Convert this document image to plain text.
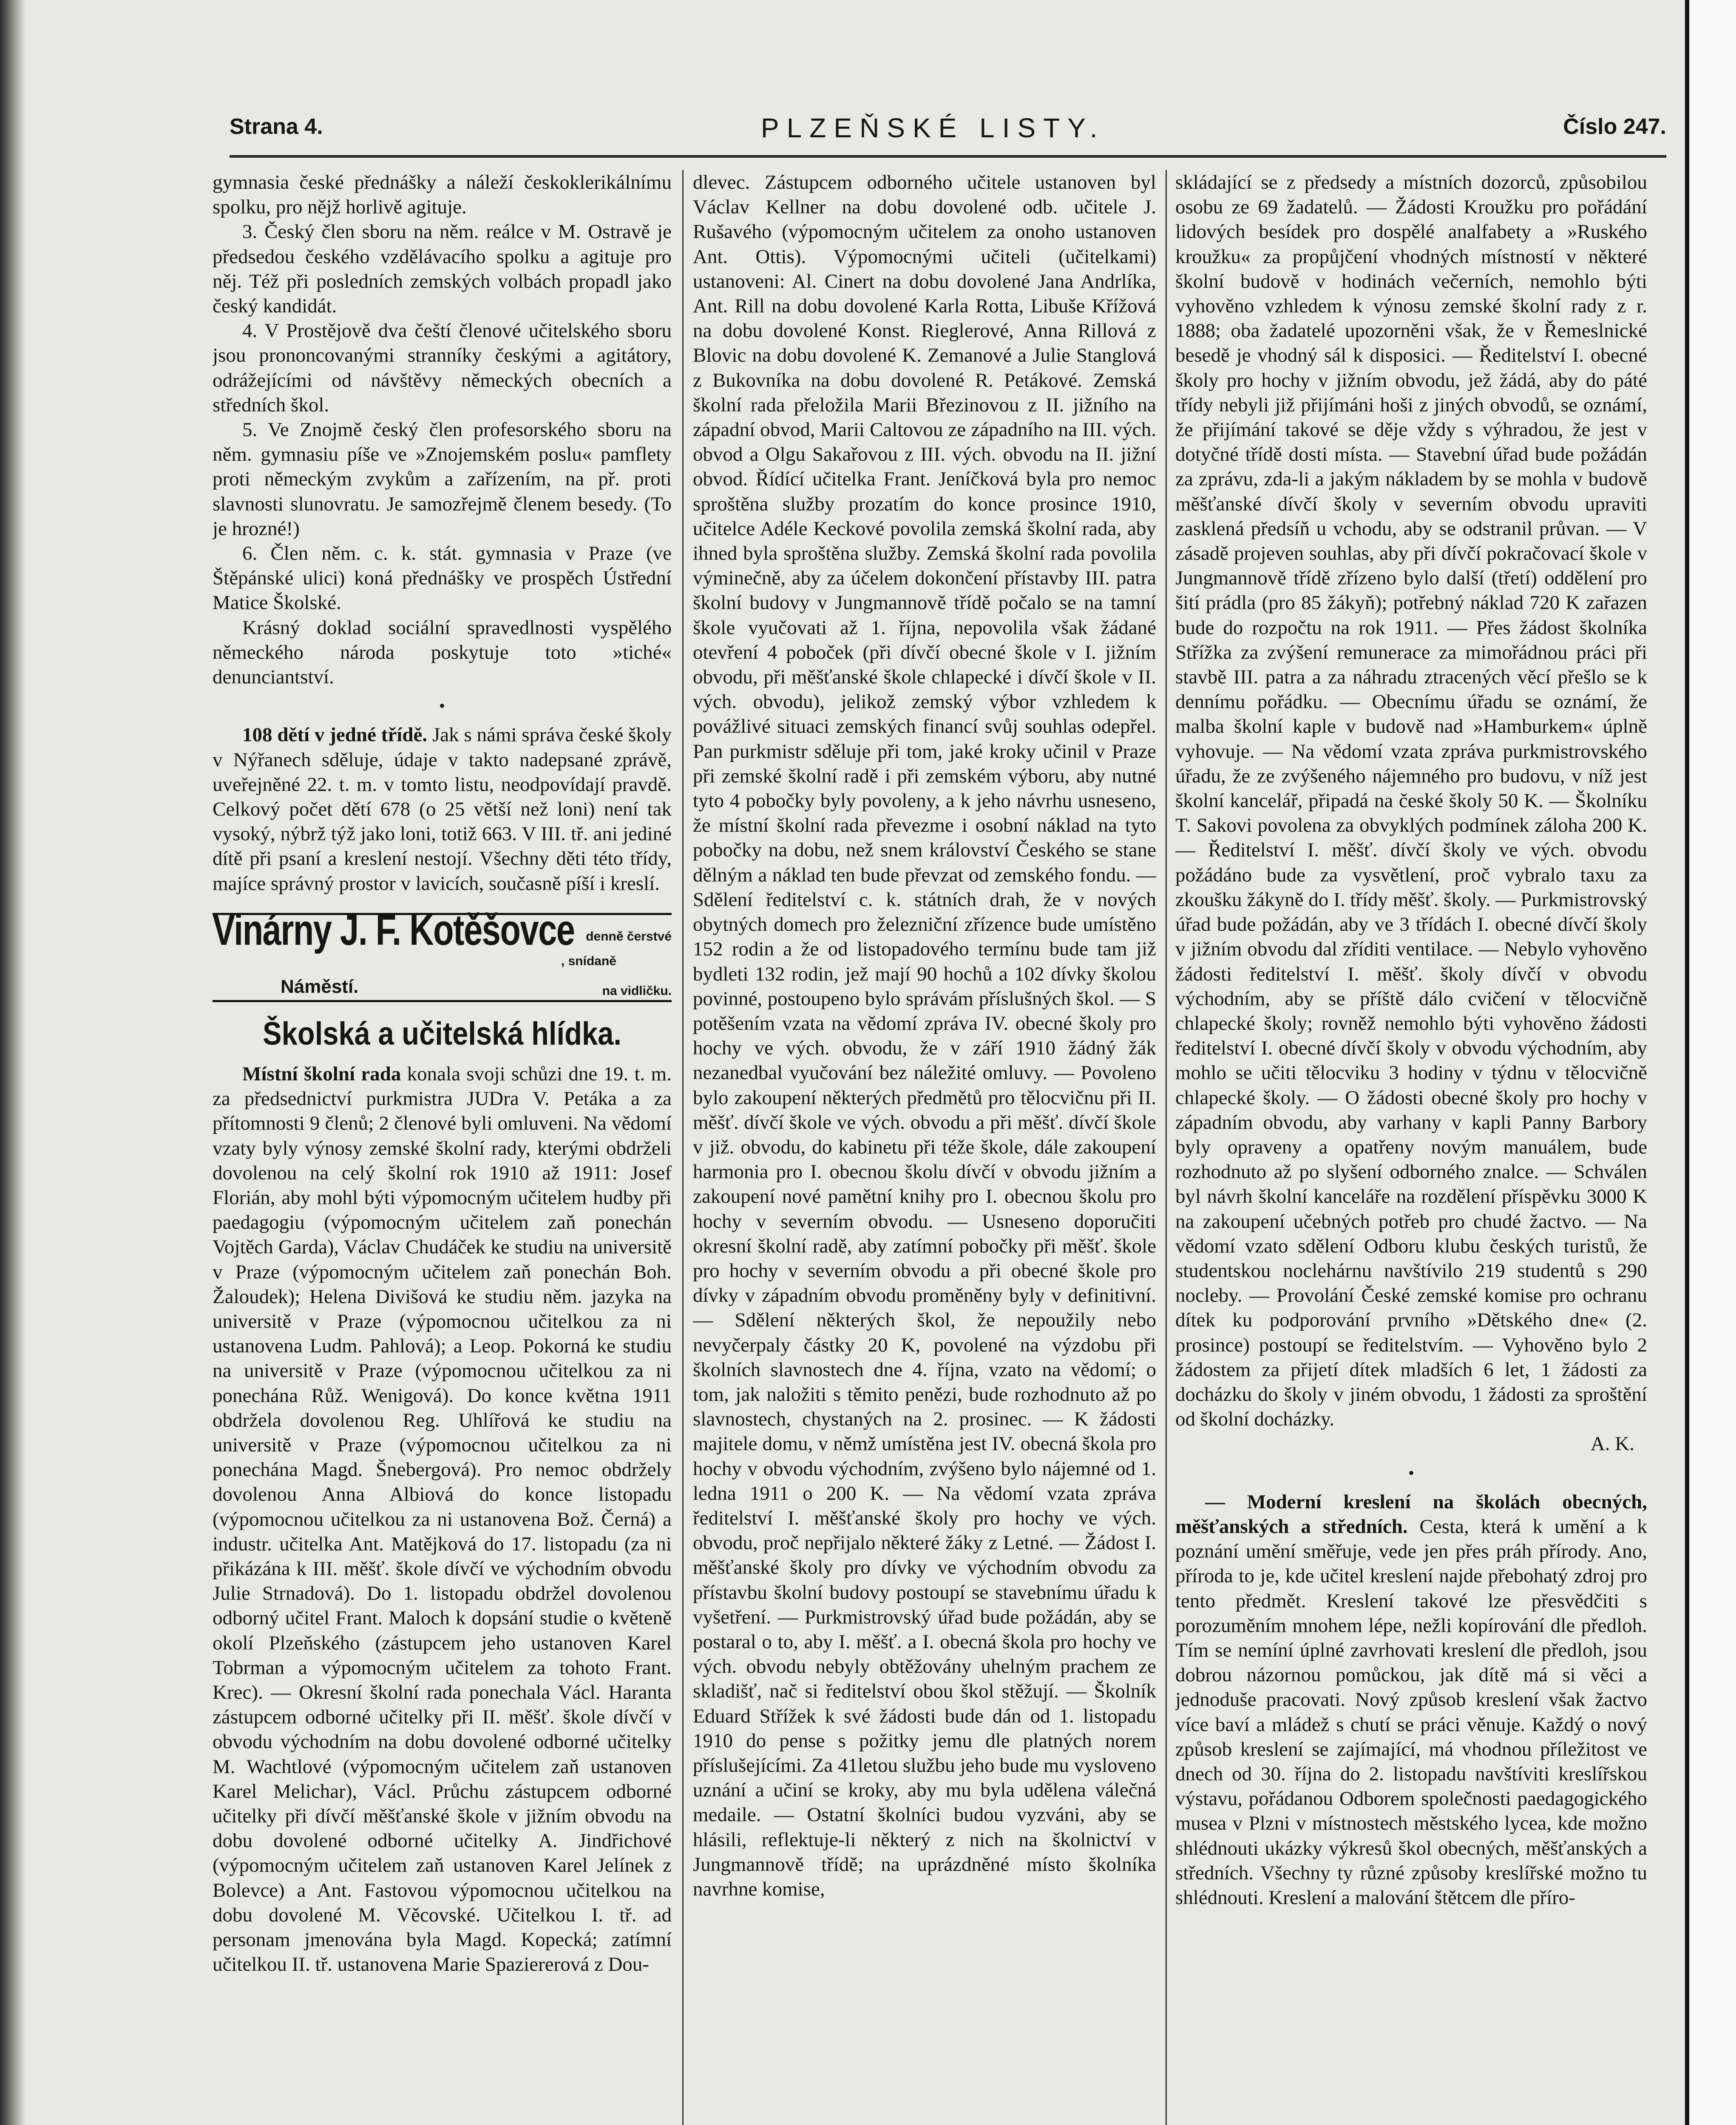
Strana 4.	PLZEŇSKÉ LISTY.	Číslo 247.

gymnasia české přednášky a náleží českoklerikálnímu spolku, pro nějž horlivě agituje.

3. Český člen sboru na něm. reálce v M. Ostravě je předsedou českého vzdělávacího spolku a agituje pro něj. Též při posledních zemských volbách propadl jako český kandidát.

4. V Prostějově dva čeští členové učitelského sboru jsou prononcovanými stranníky českými a agitátory, odrážejícími od návštěvy německých obecních a středních škol.

5. Ve Znojmě český člen profesorského sboru na něm. gymnasiu píše ve »Znojemském poslu« pamflety proti německým zvykům a zařízením, na př. proti slavnosti slunovratu. Je samozřejmě členem besedy. (To je hrozné!)

6. Člen něm. c. k. stát. gymnasia v Praze (ve Štěpánské ulici) koná přednášky ve prospěch Ústřední Matice Školské.

Krásný doklad sociální spravedlnosti vyspělého německého národa poskytuje toto »tiché« denunciantství.

•

108 dětí v jedné třídě. Jak s námi správa české školy v Nýřanech sděluje, údaje v takto nadepsané zprávě, uveřejněné 22. t. m. v tomto listu, neodpovídají pravdě. Celkový počet dětí 678 (o 25 větší než loni) není tak vysoký, nýbrž týž jako loni, totiž 663. V III. tř. ani jediné dítě při psaní a kreslení nestojí. Všechny děti této třídy, majíce správný prostor v lavicích, současně píší i kreslí.

Vinárny J. F. Kotěšovce denně čerstvé
, snídaně
Náměstí.	na vidličku.
Školská a učitelská hlídka.

Místní školní rada konala svoji schůzi dne 19. t. m. za předsednictví purkmistra JUDra V. Petáka a za přítomnosti 9 členů; 2 členové byli omluveni. Na vědomí vzaty byly výnosy zemské školní rady, kterými obdrželi dovolenou na celý školní rok 1910 až 1911: Josef Florián, aby mohl býti výpomocným učitelem hudby při paedagogiu (výpomocným učitelem zaň ponechán Vojtěch Garda), Václav Chudáček ke studiu na universitě v Praze (výpomocným učitelem zaň ponechán Boh. Žaloudek); Helena Divišová ke studiu něm. jazyka na universitě v Praze (výpomocnou učitelkou za ni ustanovena Ludm. Pahlová); a Leop. Pokorná ke studiu na universitě v Praze (výpomocnou učitelkou za ni ponechána Růž. Wenigová). Do konce května 1911 obdržela dovolenou Reg. Uhlířová ke studiu na universitě v Praze (výpomocnou učitelkou za ni ponechána Magd. Šnebergová). Pro nemoc obdržely dovolenou Anna Albiová do konce listopadu (výpomocnou učitelkou za ni ustanovena Bož. Černá) a industr. učitelka Ant. Matějková do 17. listopadu (za ni přikázána k III. měšť. škole dívčí ve východním obvodu Julie Strnadová). Do 1. listopadu obdržel dovolenou odborný učitel Frant. Maloch k dopsání studie o květeně okolí Plzeňského (zástupcem jeho ustanoven Karel Tobrman a výpomocným učitelem za tohoto Frant. Krec). — Okresní školní rada ponechala Václ. Haranta zástupcem odborné učitelky při II. měšť. škole dívčí v obvodu východním na dobu dovolené odborné učitelky M. Wachtlové (výpomocným učitelem zaň ustanoven Karel Melichar), Václ. Průchu zástupcem odborné učitelky při dívčí měšťanské škole v jižním obvodu na dobu dovolené odborné učitelky A. Jindřichové (výpomocným učitelem zaň ustanoven Karel Jelínek z Bolevce) a Ant. Fastovou výpomocnou učitelkou na dobu dovolené M. Věcovské. Učitelkou I. tř. ad personam jmenována byla Magd. Kopecká; zatímní učitelkou II. tř. ustanovena Marie Spaziererová z Dou-

dlevec. Zástupcem odborného učitele ustanoven byl Václav Kellner na dobu dovolené odb. učitele J. Rušavého (výpomocným učitelem za onoho ustanoven Ant. Ottis). Výpomocnými učiteli (učitelkami) ustanoveni: Al. Cinert na dobu dovolené Jana Andrlíka, Ant. Rill na dobu dovolené Karla Rotta, Libuše Křížová na dobu dovolené Konst. Rieglerové, Anna Rillová z Blovic na dobu dovolené K. Zemanové a Julie Stanglová z Bukovníka na dobu dovolené R. Petákové. Zemská školní rada přeložila Marii Březinovou z II. jižního na západní obvod, Marii Caltovou ze západního na III. vých. obvod a Olgu Sakařovou z III. vých. obvodu na II. jižní obvod. Řídící učitelka Frant. Jeníčková byla pro nemoc sproštěna služby prozatím do konce prosince 1910, učitelce Adéle Keckové povolila zemská školní rada, aby ihned byla sproštěna služby. Zemská školní rada povolila výminečně, aby za účelem dokončení přístavby III. patra školní budovy v Jungmannově třídě počalo se na tamní škole vyučovati až 1. října, nepovolila však žádané otevření 4 poboček (při dívčí obecné škole v I. jižním obvodu, při měšťanské škole chlapecké i dívčí škole v II. vých. obvodu), jelikož zemský výbor vzhledem k povážlivé situaci zemských financí svůj souhlas odepřel. Pan purkmistr sděluje při tom, jaké kroky učinil v Praze při zemské školní radě i při zemském výboru, aby nutné tyto 4 pobočky byly povoleny, a k jeho návrhu usneseno, že místní školní rada převezme i osobní náklad na tyto pobočky na dobu, než snem království Českého se stane dělným a náklad ten bude převzat od zemského fondu. — Sdělení ředitelství c. k. státních drah, že v nových obytných domech pro železniční zřízence bude umístěno 152 rodin a že od listopadového termínu bude tam již bydleti 132 rodin, jež mají 90 hochů a 102 dívky školou povinné, postoupeno bylo správám příslušných škol. — S potěšením vzata na vědomí zpráva IV. obecné školy pro hochy ve vých. obvodu, že v září 1910 žádný žák nezanedbal vyučování bez náležité omluvy. — Povoleno bylo zakoupení některých předmětů pro tělocvičnu při II. měšť. dívčí škole ve vých. obvodu a při měšť. dívčí škole v již. obvodu, do kabinetu při téže škole, dále zakoupení harmonia pro I. obecnou školu dívčí v obvodu jižním a zakoupení nové pamětní knihy pro I. obecnou školu pro hochy v severním obvodu. — Usneseno doporučiti okresní školní radě, aby zatímní pobočky při měšť. škole pro hochy v severním obvodu a při obecné škole pro dívky v západním obvodu proměněny byly v definitivní. — Sdělení některých škol, že nepoužily nebo nevyčerpaly částky 20 K, povolené na výzdobu při školních slavnostech dne 4. října, vzato na vědomí; o tom, jak naložiti s těmito penězi, bude rozhodnuto až po slavnostech, chystaných na 2. prosinec. — K žádosti majitele domu, v němž umístěna jest IV. obecná škola pro hochy v obvodu východním, zvýšeno bylo nájemné od 1. ledna 1911 o 200 K. — Na vědomí vzata zpráva ředitelství I. měšťanské školy pro hochy ve vých. obvodu, proč nepřijalo některé žáky z Letné. — Žádost I. měšťanské školy pro dívky ve východním obvodu za přístavbu školní budovy postoupí se stavebnímu úřadu k vyšetření. — Purkmistrovský úřad bude požádán, aby se postaral o to, aby I. měšť. a I. obecná škola pro hochy ve vých. obvodu nebyly obtěžovány uhelným prachem ze skladišť, nač si ředitelství obou škol stěžují. — Školník Eduard Střížek k své žádosti bude dán od 1. listopadu 1910 do pense s požitky jemu dle platných norem příslušejícími. Za 41letou službu jeho bude mu vysloveno uznání a učiní se kroky, aby mu byla udělena válečná medaile. — Ostatní školníci budou vyzváni, aby se hlásili, reflektuje-li některý z nich na školnictví v Jungmannově třídě; na uprázdněné místo školníka navrhne komise,

skládající se z předsedy a místních dozorců, způsobilou osobu ze 69 žadatelů. — Žádosti Kroužku pro pořádání lidových besídek pro dospělé analfabety a »Ruského kroužku« za propůjčení vhodných místností v některé školní budově v hodinách večerních, nemohlo býti vyhověno vzhledem k výnosu zemské školní rady z r. 1888; oba žadatelé upozorněni však, že v Řemeslnické besedě je vhodný sál k disposici. — Ředitelství I. obecné školy pro hochy v jižním obvodu, jež žádá, aby do páté třídy nebyli již přijímáni hoši z jiných obvodů, se oznámí, že přijímání takové se děje vždy s výhradou, že jest v dotyčné třídě dosti místa. — Stavební úřad bude požádán za zprávu, zda-li a jakým nákladem by se mohla v budově měšťanské dívčí školy v severním obvodu upraviti zasklená předsíň u vchodu, aby se odstranil průvan. — V zásadě projeven souhlas, aby při dívčí pokračovací škole v Jungmannově třídě zřízeno bylo další (třetí) oddělení pro šití prádla (pro 85 žákyň); potřebný náklad 720 K zařazen bude do rozpočtu na rok 1911. — Přes žádost školníka Střížka za zvýšení remunerace za mimořádnou práci při stavbě III. patra a za náhradu ztracených věcí přešlo se k dennímu pořádku. — Obecnímu úřadu se oznámí, že malba školní kaple v budově nad »Hamburkem« úplně vyhovuje. — Na vědomí vzata zpráva purkmistrovského úřadu, že ze zvýšeného nájemného pro budovu, v níž jest školní kancelář, připadá na české školy 50 K. — Školníku T. Sakovi povolena za obvyklých podmínek záloha 200 K. — Ředitelství I. měšť. dívčí školy ve vých. obvodu požádáno bude za vysvětlení, proč vybralo taxu za zkoušku žákyně do I. třídy měšť. školy. — Purkmistrovský úřad bude požádán, aby ve 3 třídách I. obecné dívčí školy v jižním obvodu dal zříditi ventilace. — Nebylo vyhověno žádosti ředitelství I. měšť. školy dívčí v obvodu východním, aby se příště dálo cvičení v tělocvičně chlapecké školy; rovněž nemohlo býti vyhověno žádosti ředitelství I. obecné dívčí školy v obvodu východním, aby mohlo se učiti tělocviku 3 hodiny v týdnu v tělocvičně chlapecké školy. — O žádosti obecné školy pro hochy v západním obvodu, aby varhany v kapli Panny Barbory byly opraveny a opatřeny novým manuálem, bude rozhodnuto až po slyšení odborného znalce. — Schválen byl návrh školní kanceláře na rozdělení příspěvku 3000 K na zakoupení učebných potřeb pro chudé žactvo. — Na vědomí vzato sdělení Odboru klubu českých turistů, že studentskou noclehárnu navštívilo 219 studentů s 290 nocleby. — Provolání České zemské komise pro ochranu dítek ku podporování prvního »Dětského dne« (2. prosince) postoupí se ředitelstvím. — Vyhověno bylo 2 žádostem za přijetí dítek mladších 6 let, 1 žádosti za docházku do školy v jiném obvodu, 1 žádosti za sproštění od školní docházky.

A. K.
•

— Moderní kreslení na školách obecných, měšťanských a středních. Cesta, která k umění a k poznání umění směřuje, vede jen přes práh přírody. Ano, příroda to je, kde učitel kreslení najde přebohatý zdroj pro tento předmět. Kreslení takové lze přesvědčiti s porozuměním mnohem lépe, nežli kopírování dle předloh. Tím se nemíní úplné zavrhovati kreslení dle předloh, jsou dobrou názornou pomůckou, jak dítě má si věci a jednoduše pracovati. Nový způsob kreslení však žactvo více baví a mládež s chutí se práci věnuje. Každý o nový způsob kreslení se zajímající, má vhodnou příležitost ve dnech od 30. října do 2. listopadu navštíviti kreslířskou výstavu, pořádanou Odborem společnosti paedagogického musea v Plzni v místnostech městského lycea, kde možno shlédnouti ukázky výkresů škol obecných, měšťanských a středních. Všechny ty různé způsoby kreslířské možno tu shlédnouti. Kreslení a malování štětcem dle příro-
